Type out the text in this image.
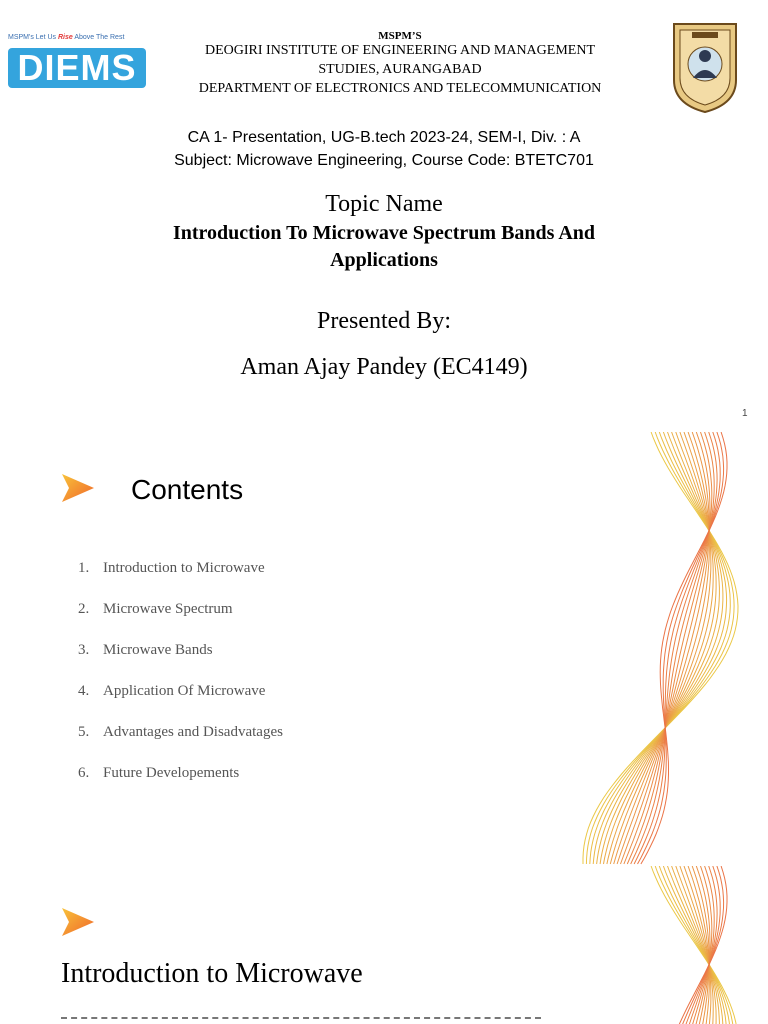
MSPM's Let Us Rise Above The Rest
DIEMS
MSPM’S
DEOGIRI INSTITUTE OF ENGINEERING AND MANAGEMENT
STUDIES, AURANGABAD
DEPARTMENT OF ELECTRONICS AND TELECOMMUNICATION
CA 1- Presentation, UG-B.tech 2023-24, SEM-I, Div. : A
Subject: Microwave Engineering, Course Code: BTETC701
Topic Name
Introduction To Microwave Spectrum Bands And Applications
Presented By:
Aman Ajay Pandey (EC4149)
1
Contents
1. Introduction to Microwave
2. Microwave Spectrum
3. Microwave Bands
4. Application Of Microwave
5. Advantages and Disadvatages
6. Future Developements
Introduction to Microwave
